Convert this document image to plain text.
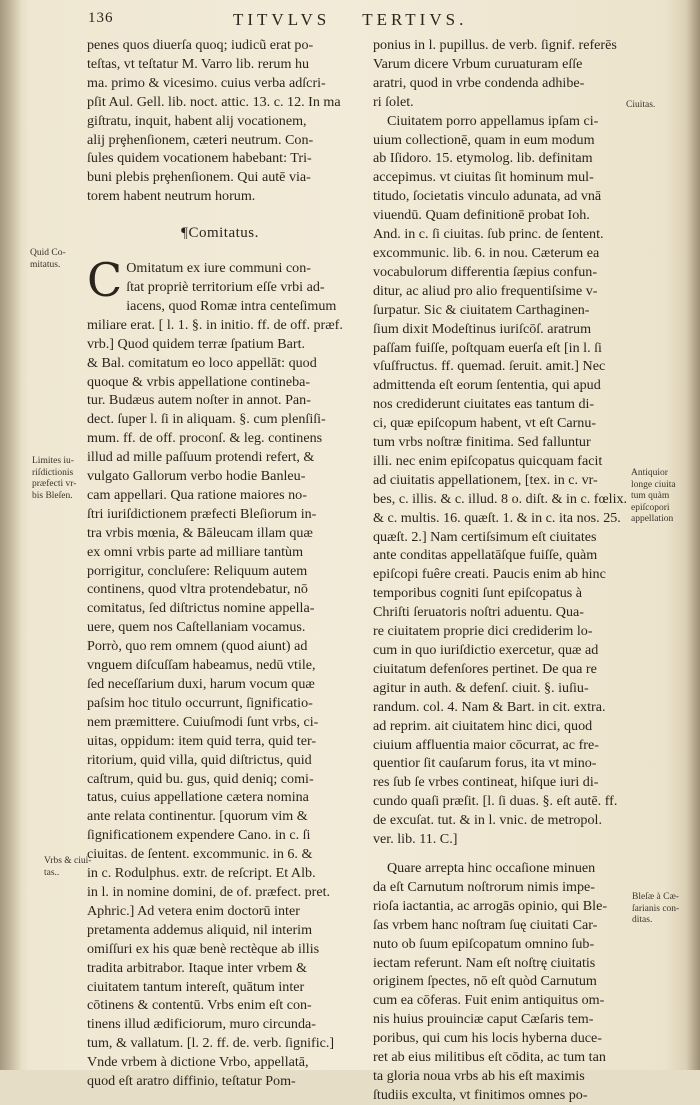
136	TITVLVS TERTIVS.
penes quos diuerſa quoq; iudicũ erat po-
teſtas, vt teſtatur M. Varro lib. rerum hu
ma. primo & vicesimo. cuius verba adſcri-
pſit Aul. Gell. lib. noct. attic. 13. c. 12. In ma
giſtratu, inquit, habent alij vocationem,
alij prȩhenſionem, cæteri neutrum. Con-
ſules quidem vocationem habebant: Tri-
buni plebis prȩhenſionem. Qui autē via-
torem habent neutrum horum.
¶Comitatus.
C Omitatum ex iure communi con-
ſtat propriè territorium eſſe vrbi ad-
iacens, quod Romæ intra centeſimum
miliare erat. [ l. 1. §. in initio. ff. de off. præf.
vrb.] Quod quidem terræ ſpatium Bart.
& Bal. comitatum eo loco appellāt: quod
quoque & vrbis appellatione contineba-
tur. Budæus autem noſter in annot. Pan-
dect. ſuper l. ſi in aliquam. §. cum plenſiſi-
mum. ff. de off. proconſ. & leg. continens
illud ad mille paſſuum protendi refert, &
vulgato Gallorum verbo hodie Banleu-
cam appellari. Qua ratione maiores no-
ſtri iuriſdictionem præfecti Bleſiorum in-
tra vrbis mœnia, & Bāleucam illam quæ
ex omni vrbis parte ad milliare tantùm
porrigitur, concluſere: Reliquum autem
continens, quod vltra protendebatur, nō
comitatus, ſed diſtrictus nomine appella-
uere, quem nos Caſtellaniam vocamus.
Porrò, quo rem omnem (quod aiunt) ad
vnguem diſcuſſam habeamus, nedū vtile,
ſed neceſſarium duxi, harum vocum quæ
paſsim hoc titulo occurrunt, ſignificatio-
nem præmittere. Cuiuſmodi ſunt vrbs, ci-
uitas, oppidum: item quid terra, quid ter-
ritorium, quid villa, quid diſtrictus, quid
caſtrum, quid bu. gus, quid deniq; comi-
tatus, cuius appellatione cætera nomina
ante relata continentur. [quorum vim &
ſignificationem expendere Cano. in c. ſi
ciuitas. de ſentent. excommunic. in 6. &
in c. Rodulphus. extr. de reſcript. Et Alb.
in l. in nomine domini, de of. præfect. pret.
Aphric.] Ad vetera enim doctorū inter
pretamenta addemus aliquid, nil interim
omiſſuri ex his quæ benè rectèque ab illis
tradita arbitrabor. Itaque inter vrbem &
ciuitatem tantum intereſt, quātum inter
cōtinens & contentū. Vrbs enim eſt con-
tinens illud ædificiorum, muro circunda-
tum, & vallatum. [l. 2. ff. de. verb. ſignific.]
Vnde vrbem à dictione Vrbo, appellatā,
quod eſt aratro diffinio, teſtatur Pom-
ponius in l. pupillus. de verb. ſignif. referēs
Varum dicere Vrbum curuaturam eſſe
aratri, quod in vrbe condenda adhibe-
ri ſolet.
Ciuitatem porro appellamus ipſam ci-
uium collectionē, quam in eum modum
ab Iſidoro. 15. etymolog. lib. definitam
accepimus. vt ciuitas ſit hominum mul-
titudo, ſocietatis vinculo adunata, ad vnā
viuendū. Quam definitionē probat Ioh.
And. in c. ſi ciuitas. ſub princ. de ſentent.
excommunic. lib. 6. in nou. Cæterum ea
vocabulorum differentia ſæpius confun-
ditur, ac aliud pro alio frequentiſsime v-
ſurpatur. Sic & ciuitatem Carthaginen-
ſium dixit Modeſtinus iuriſcōſ. aratrum
paſſam fuiſſe, poſtquam euerſa eſt [in l. ſi
vſuſfructus. ff. quemad. ſeruit. amit.] Nec
admittenda eſt eorum ſententia, qui apud
nos crediderunt ciuitates eas tantum di-
ci, quæ epiſcopum habent, vt eſt Carnu-
tum vrbs noſtræ finitima. Sed falluntur
illi. nec enim epiſcopatus quicquam facit
ad ciuitatis appellationem, [tex. in c. vr-
bes, c. illis. & c. illud. 8 o. diſt. & in c. fœlix.
& c. multis. 16. quæſt. 1. & in c. ita nos. 25.
quæſt. 2.] Nam certiſsimum eſt ciuitates
ante conditas appellatāſque fuiſſe, quàm
epiſcopi fuêre creati. Paucis enim ab hinc
temporibus cogniti ſunt epiſcopatus à
Chriſti ſeruatoris noſtri aduentu. Qua-
re ciuitatem proprie dici crediderim lo-
cum in quo iuriſdictio exercetur, quæ ad
ciuitatum defenſores pertinet. De qua re
agitur in auth. & defenſ. ciuit. §. iuſiu-
randum. col. 4. Nam & Bart. in cit. extra.
ad reprim. ait ciuitatem hinc dici, quod
ciuium affluentia maior cōcurrat, ac fre-
quentior ſit cauſarum forus, ita vt mino-
res ſub ſe vrbes contineat, hiſque iuri di-
cundo quaſi præſit. [l. ſi duas. §. eſt autē. ff.
de excuſat. tut. & in l. vnic. de metropol.
ver. lib. 11. C.]
Quare arrepta hinc occaſione minuen
da eſt Carnutum noſtrorum nimis impe-
rioſa iactantia, ac arrogās opinio, qui Ble-
ſas vrbem hanc noſtram ſuę ciuitati Car-
nuto ob ſuum epiſcopatum omnino ſub-
iectam referunt. Nam eſt noſtrę ciuitatis
originem ſpectes, nō eſt quòd Carnutum
cum ea cōferas. Fuit enim antiquitus om-
nis huius prouinciæ caput Cæſaris tem-
poribus, qui cum his locis hyberna duce-
ret ab eius militibus eſt cōdita, ac tum tan
ta gloria noua vrbs ab his eſt maximis
ſtudiis exculta, vt finitimos omnes po-
Quid Co-
mitatus.
Limites iu-
riſdictionis
præfecti vr-
bis Bleſen.
Vrbs & ciui-
tas..
Ciuitas.
Antiquior
longe ciuita
tum quàm
epiſcopori
appellation
Bleſæ à Cæ-
ſarianis con-
ditas.
